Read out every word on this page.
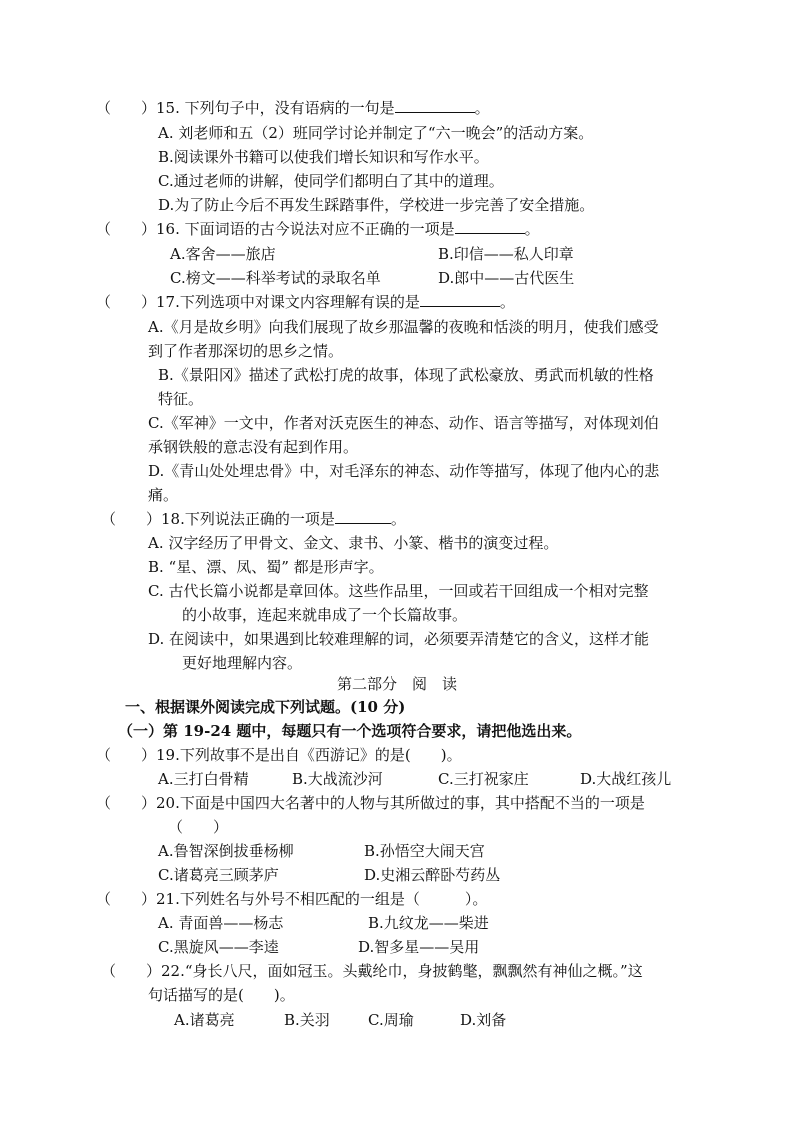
（　　）15. 下列句子中，没有语病的一句是	。
A. 刘老师和五（2）班同学讨论并制定了“六一晚会”的活动方案。
B.阅读课外书籍可以使我们增长知识和写作水平。
C.通过老师的讲解，使同学们都明白了其中的道理。
D.为了防止今后不再发生踩踏事件，学校进一步完善了安全措施。
（　　）16. 下面词语的古今说法对应不正确的一项是	。
A.客舍——旅店	B.印信——私人印章
C.榜文——科举考试的录取名单	D.郎中——古代医生
（　　）17.下列选项中对课文内容理解有误的是	。
A.《月是故乡明》向我们展现了故乡那温馨的夜晚和恬淡的明月，使我们感受
到了作者那深切的思乡之情。
B.《景阳冈》描述了武松打虎的故事，体现了武松豪放、勇武而机敏的性格
特征。
C.《军神》一文中，作者对沃克医生的神态、动作、语言等描写，对体现刘伯
承钢铁般的意志没有起到作用。
D.《青山处处埋忠骨》中，对毛泽东的神态、动作等描写，体现了他内心的悲
痛。
（　　）18.下列说法正确的一项是	。
A. 汉字经历了甲骨文、金文、隶书、小篆、楷书的演变过程。
B. “星、漂、凤、蜀” 都是形声字。
C. 古代长篇小说都是章回体。这些作品里，一回或若干回组成一个相对完整
的小故事，连起来就串成了一个长篇故事。
D. 在阅读中，如果遇到比较难理解的词，必须要弄清楚它的含义，这样才能
更好地理解内容。
第二部分　阅　读
一、根据课外阅读完成下列试题。(10 分)
（一）第 19-24 题中，每题只有一个选项符合要求，请把他选出来。
（　　）19.下列故事不是出自《西游记》的是(　　)。
A.三打白骨精	B.大战流沙河	C.三打祝家庄	D.大战红孩儿
（　　）20.下面是中国四大名著中的人物与其所做过的事，其中搭配不当的一项是
（　　）
A.鲁智深倒拔垂杨柳	B.孙悟空大闹天宫
C.诸葛亮三顾茅庐	D.史湘云醉卧芍药丛
（　　）21.下列姓名与外号不相匹配的一组是（　　　）。
A. 青面兽——杨志	B.九纹龙——柴进
C.黑旋风——李逵	D.智多星——吴用
（　　）22.“身长八尺，面如冠玉。头戴纶巾，身披鹤氅，飘飘然有神仙之概。”这
句话描写的是(　　)。
A.诸葛亮	B.关羽	C.周瑜	D.刘备
